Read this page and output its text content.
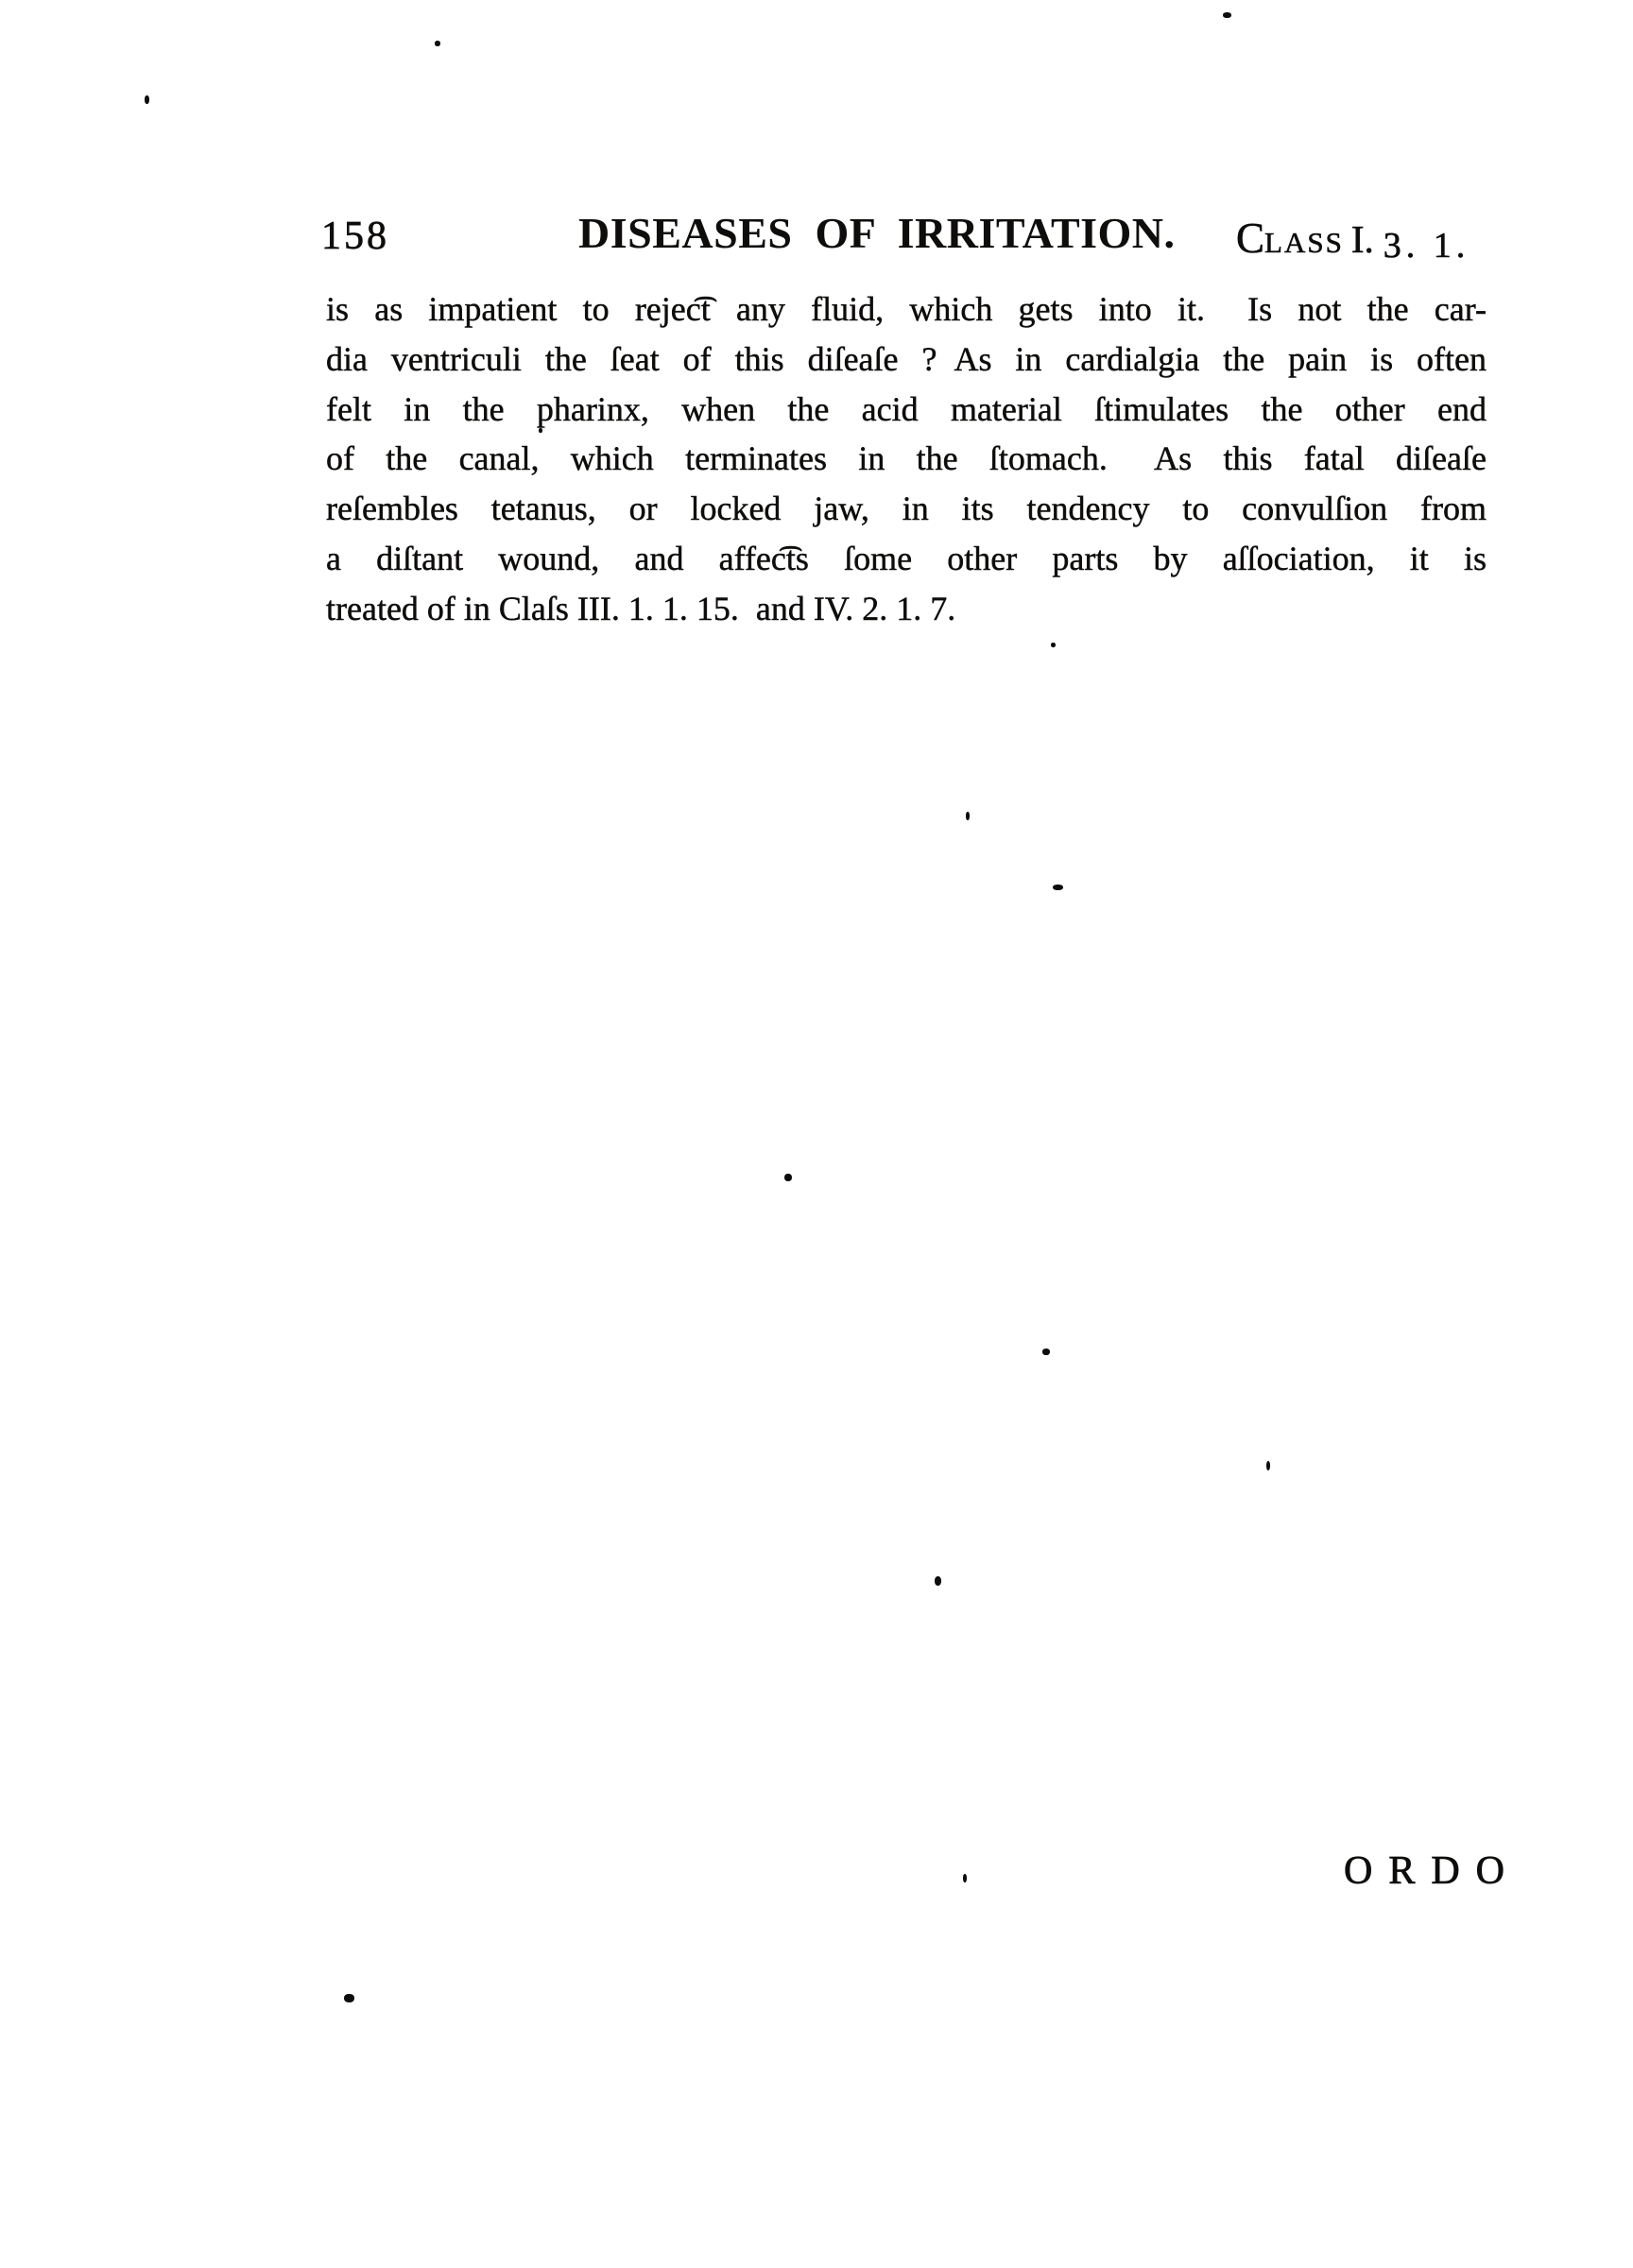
158	DISEASES OF IRRITATION. CLASS I. 3. 1.
is as impatient to rejec͡t any fluid, which gets into it.  Is not the car-
dia ventriculi the ſeat of this diſeaſe ? As in cardialgia the pain is often
felt in the pharinx, when the acid material ſtimulates the other end
of the canal, which terminates in the ſtomach.  As this fatal diſeaſe
reſembles tetanus, or locked jaw, in its tendency to convulſion from
a diſtant wound, and affec͡ts ſome other parts by aſſociation, it is
treated of in Claſs III. 1. 1. 15. and IV. 2. 1. 7.
ORDO
